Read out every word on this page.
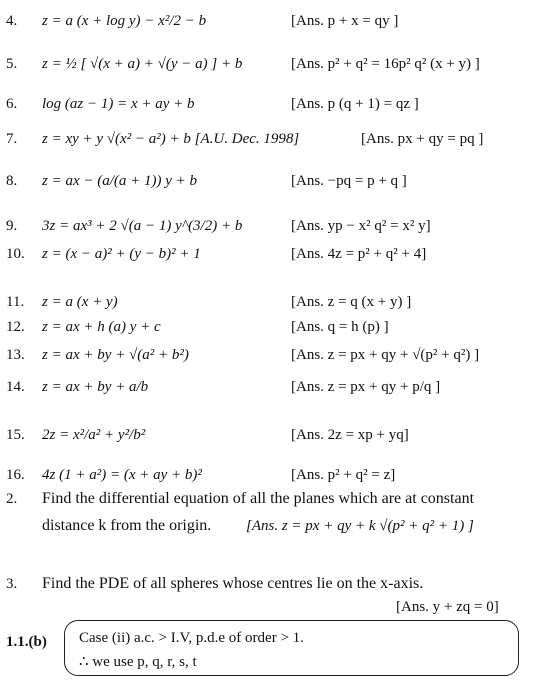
4. z = a (x + log y) − x²/2 − b	[Ans. p + x = qy ]
5. z = ½ [ √(x + a) + √(y − a) ] + b	[Ans. p² + q² = 16p² q² (x + y) ]
6. log (az − 1) = x + ay + b	[Ans. p (q + 1) = qz ]
7. z = xy + y √(x² − a²) + b [A.U. Dec. 1998]	[Ans. px + qy = pq ]
8. z = ax − (a/(a + 1)) y + b	[Ans. −pq = p + q ]
9. 3z = ax³ + 2 √(a − 1) y^(3/2) + b	[Ans. yp − x² q² = x² y]
10. z = (x − a)² + (y − b)² + 1	[Ans. 4z = p² + q² + 4]
11. z = a (x + y)	[Ans. z = q (x + y) ]
12. z = ax + h (a) y + c	[Ans. q = h (p) ]
13. z = ax + by + √(a² + b²)	[Ans. z = px + qy + √(p² + q²) ]
14. z = ax + by + a/b	[Ans. z = px + qy + p/q ]
15. 2z = x²/a² + y²/b²	[Ans. 2z = xp + yq]
16. 4z (1 + a²) = (x + ay + b)²	[Ans. p² + q² = z]
2. Find the differential equation of all the planes which are at constant
distance k from the origin. [Ans. z = px + qy + k √(p² + q² + 1) ]
3. Find the PDE of all spheres whose centres lie on the x-axis.
[Ans. y + zq = 0]
1.1.(b) Case (ii) a.c. > I.V, p.d.e of order > 1.
∴ we use p, q, r, s, t
